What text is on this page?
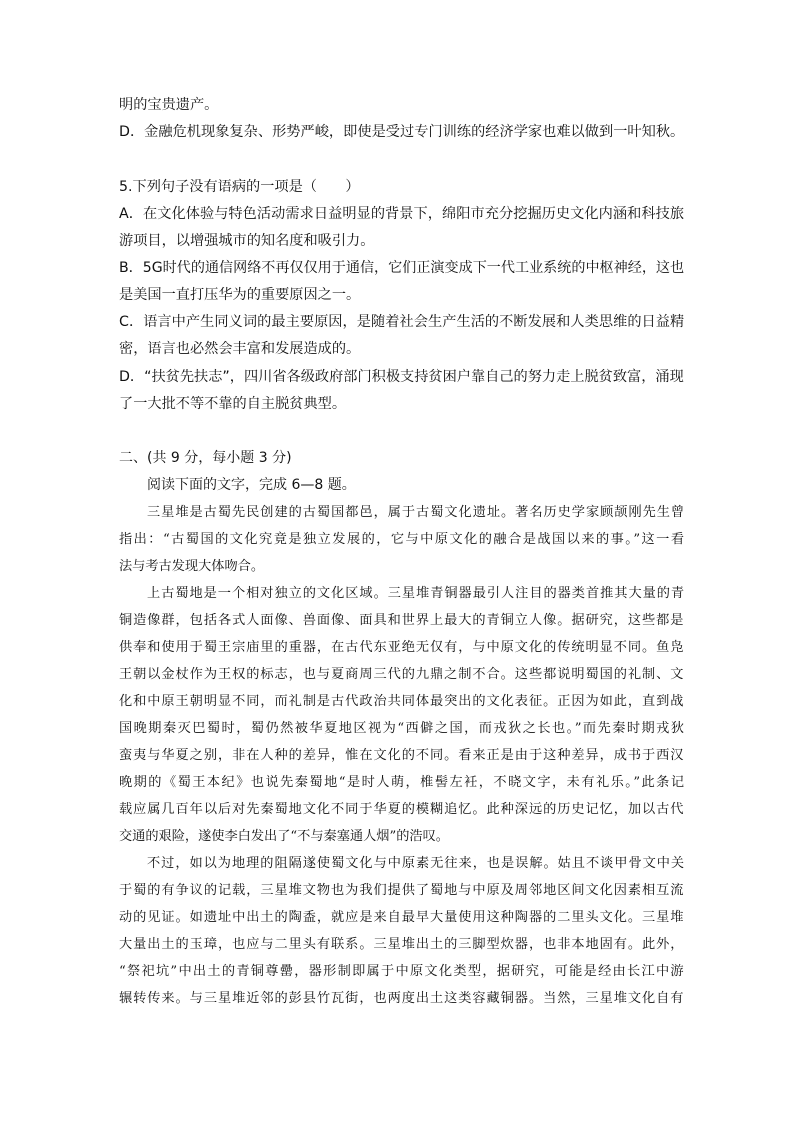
明的宝贵遗产。
D．金融危机现象复杂、形势严峻，即使是受过专门训练的经济学家也难以做到一叶知秋。
5.下列句子没有语病的一项是（　　）
A．在文化体验与特色活动需求日益明显的背景下，绵阳市充分挖掘历史文化内涵和科技旅
游项目，以增强城市的知名度和吸引力。
B．5G时代的通信网络不再仅仅用于通信，它们正演变成下一代工业系统的中枢神经，这也
是美国一直打压华为的重要原因之一。
C．语言中产生同义词的最主要原因，是随着社会生产生活的不断发展和人类思维的日益精
密，语言也必然会丰富和发展造成的。
D．“扶贫先扶志”，四川省各级政府部门积极支持贫困户靠自己的努力走上脱贫致富，涌现
了一大批不等不靠的自主脱贫典型。
二、(共 9 分，每小题 3 分)
阅读下面的文字，完成 6—8 题。
三星堆是古蜀先民创建的古蜀国都邑，属于古蜀文化遗址。著名历史学家顾颉刚先生曾
指出：“古蜀国的文化究竟是独立发展的，它与中原文化的融合是战国以来的事。”这一看
法与考古发现大体吻合。
上古蜀地是一个相对独立的文化区域。三星堆青铜器最引人注目的器类首推其大量的青
铜造像群，包括各式人面像、兽面像、面具和世界上最大的青铜立人像。据研究，这些都是
供奉和使用于蜀王宗庙里的重器，在古代东亚绝无仅有，与中原文化的传统明显不同。鱼凫
王朝以金杖作为王权的标志，也与夏商周三代的九鼎之制不合。这些都说明蜀国的礼制、文
化和中原王朝明显不同，而礼制是古代政治共同体最突出的文化表征。正因为如此，直到战
国晚期秦灭巴蜀时，蜀仍然被华夏地区视为“西僻之国，而戎狄之长也。”而先秦时期戎狄
蛮夷与华夏之别，非在人种的差异，惟在文化的不同。看来正是由于这种差异，成书于西汉
晚期的《蜀王本纪》也说先秦蜀地“是时人萌，椎髻左衽，不晓文字，未有礼乐。”此条记
载应属几百年以后对先秦蜀地文化不同于华夏的模糊追忆。此种深远的历史记忆，加以古代
交通的艰险，遂使李白发出了“不与秦塞通人烟”的浩叹。
不过，如以为地理的阻隔遂使蜀文化与中原素无往来，也是误解。姑且不谈甲骨文中关
于蜀的有争议的记载，三星堆文物也为我们提供了蜀地与中原及周邻地区间文化因素相互流
动的见证。如遗址中出土的陶盉，就应是来自最早大量使用这种陶器的二里头文化。三星堆
大量出土的玉璋，也应与二里头有联系。三星堆出土的三脚型炊器，也非本地固有。此外，
“祭祀坑”中出土的青铜尊罍，器形制即属于中原文化类型，据研究，可能是经由长江中游
辗转传来。与三星堆近邻的彭县竹瓦街，也两度出土这类容藏铜器。当然，三星堆文化自有
